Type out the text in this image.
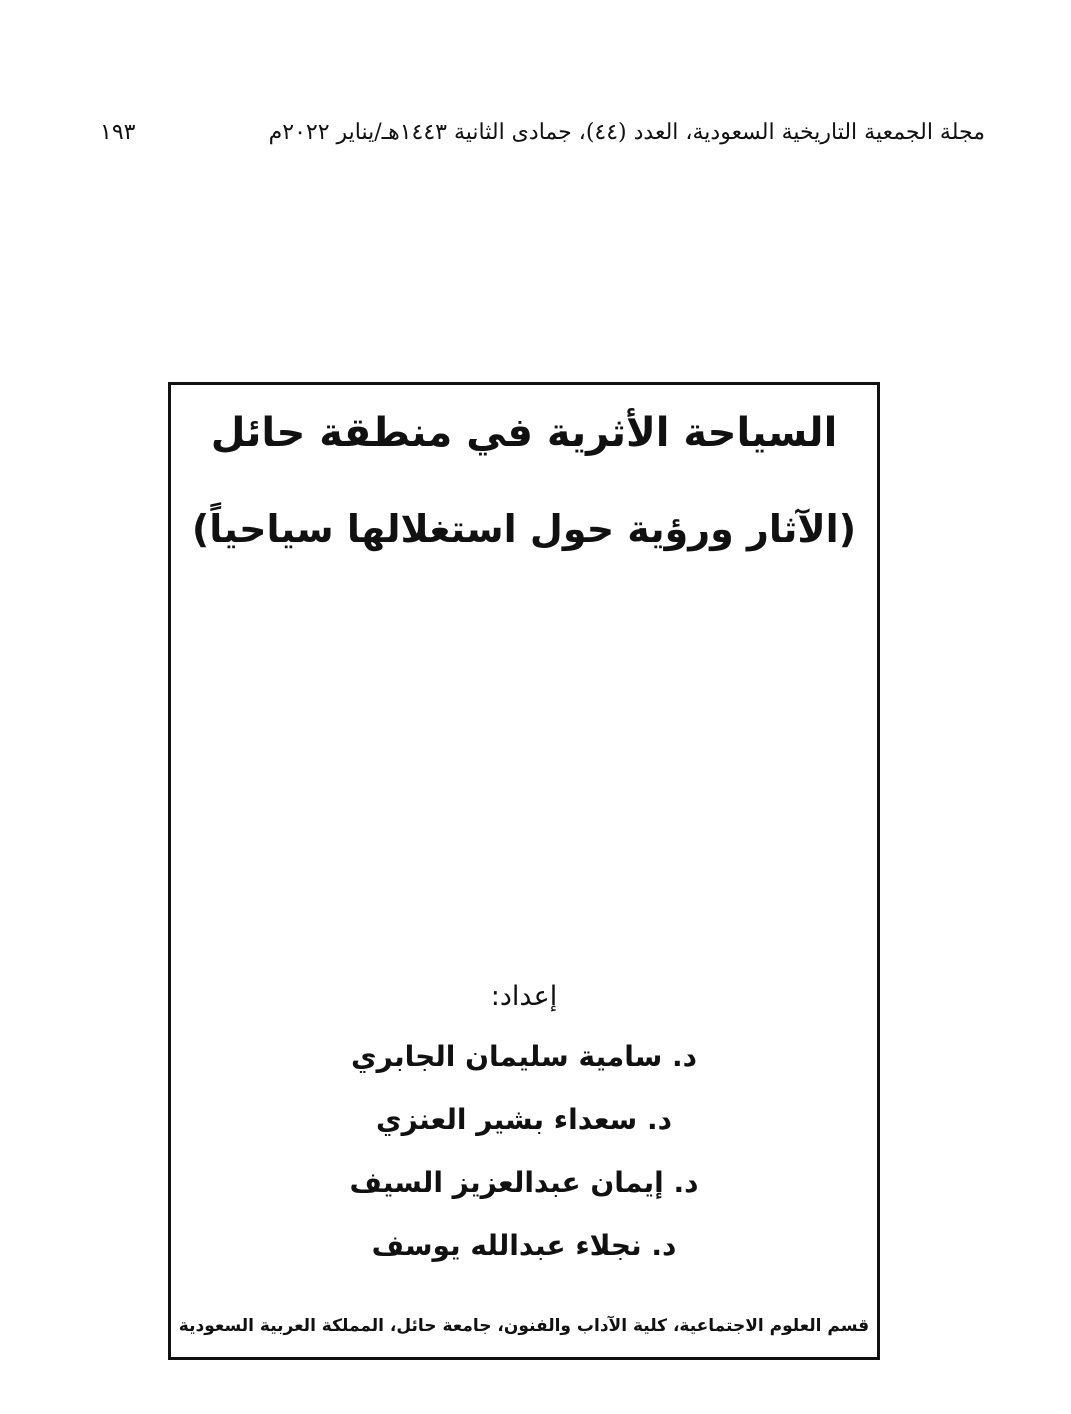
مجلة الجمعية التاريخية السعودية، العدد (٤٤)، جمادى الثانية ١٤٤٣هـ/يناير ٢٠٢٢م
١٩٣
السياحة الأثرية في منطقة حائل
(الآثار ورؤية حول استغلالها سياحياً)
إعداد:
د. سامية سليمان الجابري
د. سعداء بشير العنزي
د. إيمان عبدالعزيز السيف
د. نجلاء عبدالله يوسف
قسم العلوم الاجتماعية، كلية الآداب والفنون، جامعة حائل، المملكة العربية السعودية
